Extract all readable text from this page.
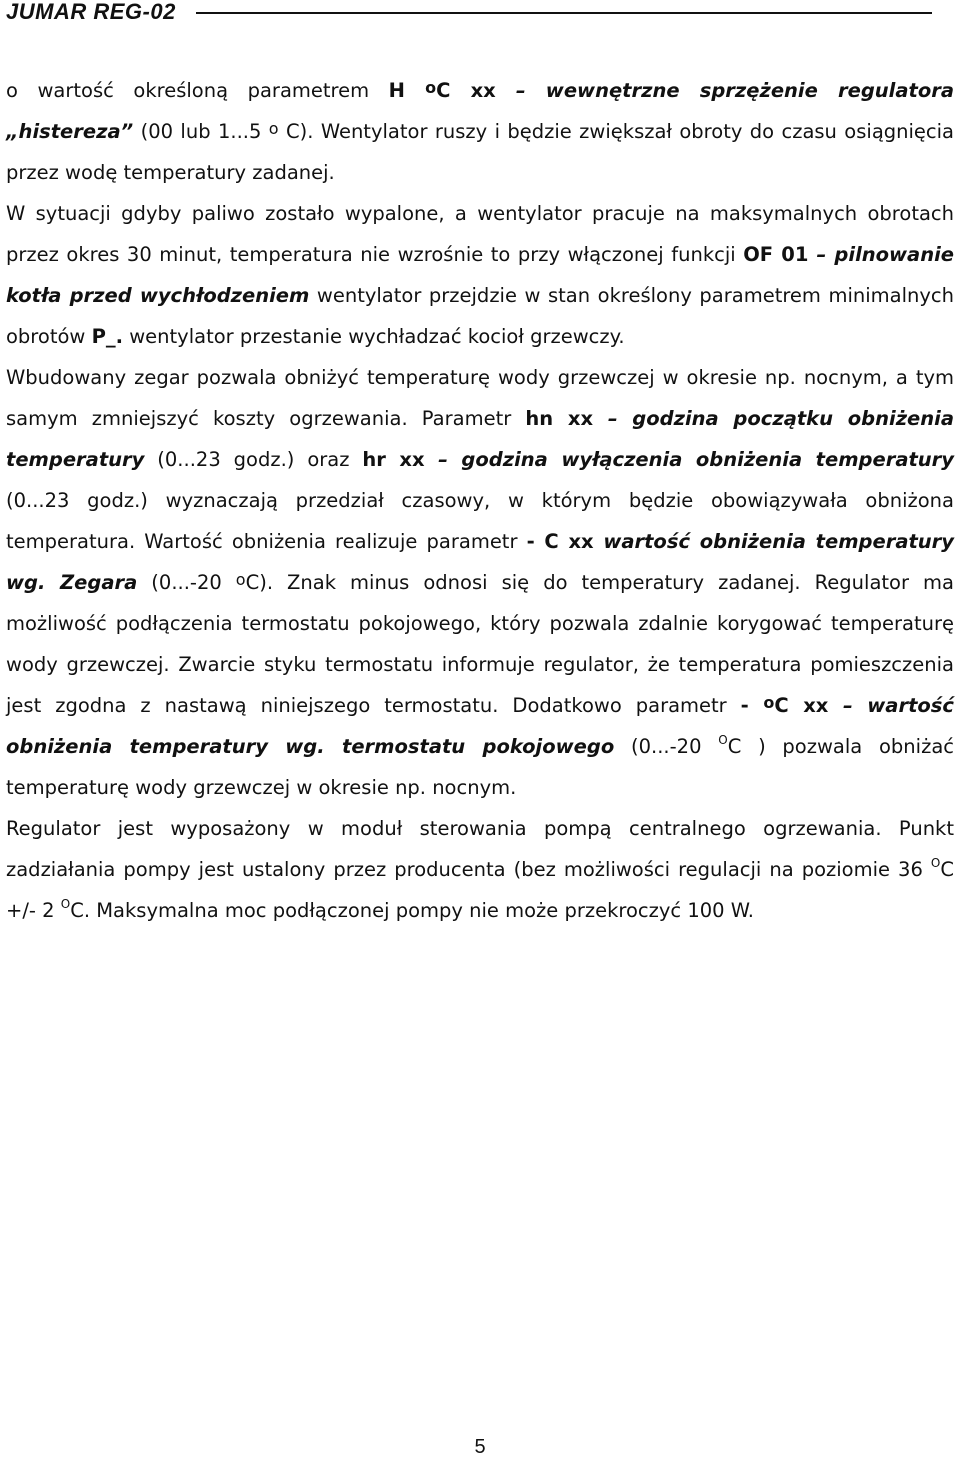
JUMAR REG-02

o wartość określoną parametrem H $^o$C xx – wewnętrzne sprzężenie regulatora „histereza” (00 lub 1...5 $^o$ C). Wentylator ruszy i będzie zwiększał obroty do czasu osiągnięcia przez wodę temperatury zadanej.

W sytuacji gdyby paliwo zostało wypalone, a wentylator pracuje na maksymalnych obrotach przez okres 30 minut, temperatura nie wzrośnie to przy włączonej funkcji OF 01 – pilnowanie kotła przed wychłodzeniem wentylator przejdzie w stan określony parametrem minimalnych obrotów P_. wentylator przestanie wychładzać kocioł grzewczy.

Wbudowany zegar pozwala obniżyć temperaturę wody grzewczej w okresie np. nocnym, a tym samym zmniejszyć koszty ogrzewania. Parametr hn xx – godzina początku obniżenia temperatury (0...23 godz.) oraz hr xx – godzina wyłączenia obniżenia temperatury (0...23 godz.) wyznaczają przedział czasowy, w którym będzie obowiązywała obniżona temperatura. Wartość obniżenia realizuje parametr - C xx wartość obniżenia temperatury wg. Zegara (0...-20 $^o$C). Znak minus odnosi się do temperatury zadanej. Regulator ma możliwość podłączenia termostatu pokojowego, który pozwala zdalnie korygować temperaturę wody grzewczej. Zwarcie styku termostatu informuje regulator, że temperatura pomieszczenia jest zgodna z nastawą niniejszego termostatu. Dodatkowo parametr - $^o$C xx – wartość obniżenia temperatury wg. termostatu pokojowego (0...-20 $^O$C ) pozwala obniżać temperaturę wody grzewczej w okresie np. nocnym.

Regulator jest wyposażony w moduł sterowania pompą centralnego ogrzewania. Punkt zadziałania pompy jest ustalony przez producenta (bez możliwości regulacji na poziomie 36 $^O$C +/- 2 $^O$C. Maksymalna moc podłączonej pompy nie może przekroczyć 100 W.

5
